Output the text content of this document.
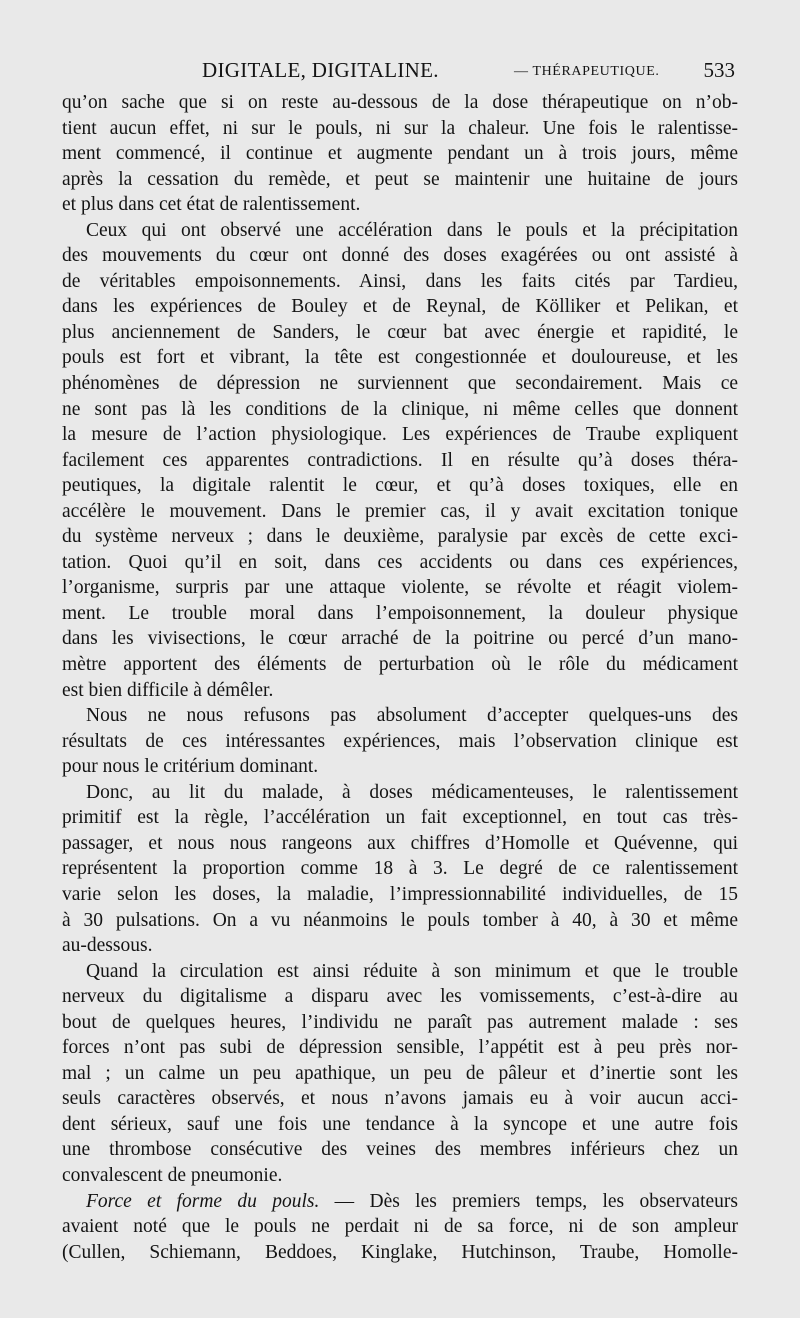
DIGITALE, DIGITALINE.	— THÉRAPEUTIQUE. 533
qu’on sache que si on reste au-dessous de la dose thérapeutique on n’ob-
tient aucun effet, ni sur le pouls, ni sur la chaleur. Une fois le ralentisse-
ment commencé, il continue et augmente pendant un à trois jours, même
après la cessation du remède, et peut se maintenir une huitaine de jours
et plus dans cet état de ralentissement.
Ceux qui ont observé une accélération dans le pouls et la précipitation
des mouvements du cœur ont donné des doses exagérées ou ont assisté à
de véritables empoisonnements. Ainsi, dans les faits cités par Tardieu,
dans les expériences de Bouley et de Reynal, de Kölliker et Pelikan, et
plus anciennement de Sanders, le cœur bat avec énergie et rapidité, le
pouls est fort et vibrant, la tête est congestionnée et douloureuse, et les
phénomènes de dépression ne surviennent que secondairement. Mais ce
ne sont pas là les conditions de la clinique, ni même celles que donnent
la mesure de l’action physiologique. Les expériences de Traube expliquent
facilement ces apparentes contradictions. Il en résulte qu’à doses théra-
peutiques, la digitale ralentit le cœur, et qu’à doses toxiques, elle en
accélère le mouvement. Dans le premier cas, il y avait excitation tonique
du système nerveux ; dans le deuxième, paralysie par excès de cette exci-
tation. Quoi qu’il en soit, dans ces accidents ou dans ces expériences,
l’organisme, surpris par une attaque violente, se révolte et réagit violem-
ment. Le trouble moral dans l’empoisonnement, la douleur physique
dans les vivisections, le cœur arraché de la poitrine ou percé d’un mano-
mètre apportent des éléments de perturbation où le rôle du médicament
est bien difficile à démêler.
Nous ne nous refusons pas absolument d’accepter quelques-uns des
résultats de ces intéressantes expériences, mais l’observation clinique est
pour nous le critérium dominant.
Donc, au lit du malade, à doses médicamenteuses, le ralentissement
primitif est la règle, l’accélération un fait exceptionnel, en tout cas très-
passager, et nous nous rangeons aux chiffres d’Homolle et Quévenne, qui
représentent la proportion comme 18 à 3. Le degré de ce ralentissement
varie selon les doses, la maladie, l’impressionnabilité individuelles, de 15
à 30 pulsations. On a vu néanmoins le pouls tomber à 40, à 30 et même
au-dessous.
Quand la circulation est ainsi réduite à son minimum et que le trouble
nerveux du digitalisme a disparu avec les vomissements, c’est-à-dire au
bout de quelques heures, l’individu ne paraît pas autrement malade : ses
forces n’ont pas subi de dépression sensible, l’appétit est à peu près nor-
mal ; un calme un peu apathique, un peu de pâleur et d’inertie sont les
seuls caractères observés, et nous n’avons jamais eu à voir aucun acci-
dent sérieux, sauf une fois une tendance à la syncope et une autre fois
une thrombose consécutive des veines des membres inférieurs chez un
convalescent de pneumonie.
Force et forme du pouls. — Dès les premiers temps, les observateurs
avaient noté que le pouls ne perdait ni de sa force, ni de son ampleur
(Cullen, Schiemann, Beddoes, Kinglake, Hutchinson, Traube, Homolle-
